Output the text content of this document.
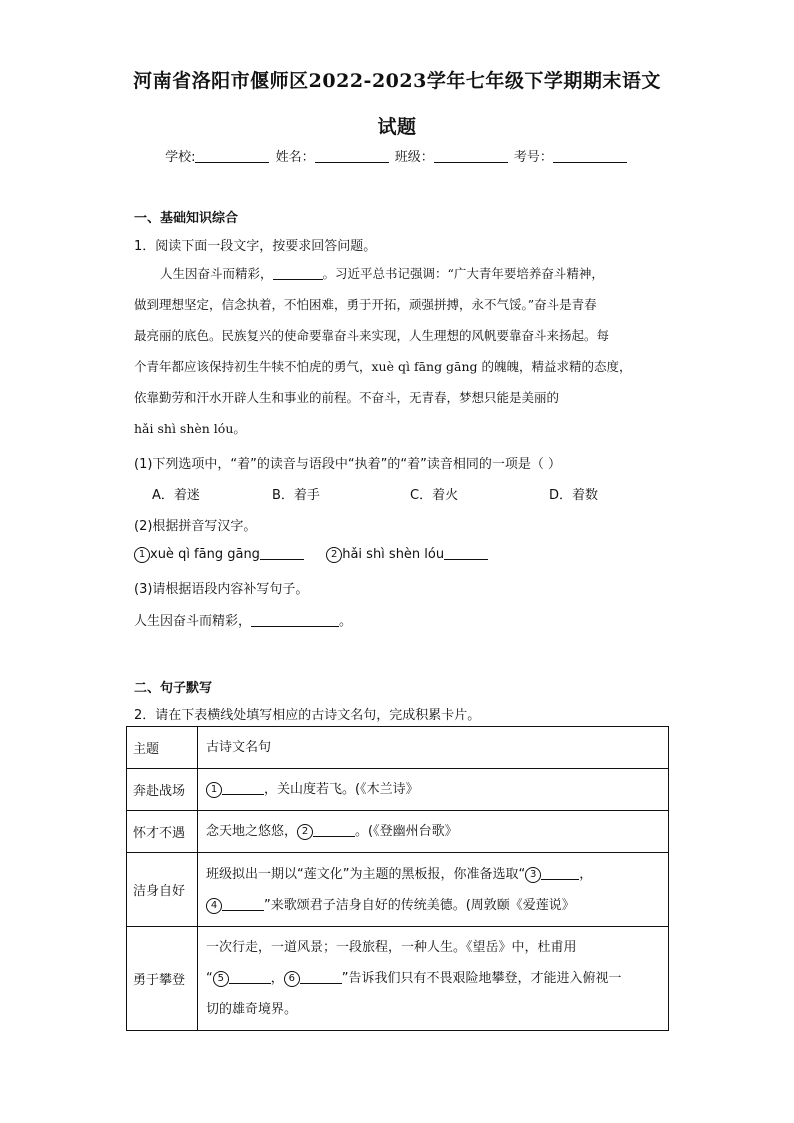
河南省洛阳市偃师区2022-2023学年七年级下学期期末语文
试题
学校:	姓名：	班级：	考号：
一、基础知识综合
1．阅读下面一段文字，按要求回答问题。
人生因奋斗而精彩，	。习近平总书记强调：“广大青年要培养奋斗精神，
做到理想坚定，信念执着，不怕困难，勇于开拓，顽强拼搏，永不气馁。”奋斗是青春
最亮丽的底色。民族复兴的使命要靠奋斗来实现，人生理想的风帆要靠奋斗来扬起。每
个青年都应该保持初生牛犊不怕虎的勇气，xuè qì fāng gāng 的魄魄，精益求精的态度，
依靠勤劳和汗水开辟人生和事业的前程。不奋斗，无青春，梦想只能是美丽的
hǎi shì shèn lóu。
(1)下列选项中，“着”的读音与语段中“执着”的“着”读音相同的一项是（ ）
A．着迷	B．着手	C．着火	D．着数
(2)根据拼音写汉字。
1 xuè qì fāng gāng	2 hǎi shì shèn lóu
(3)请根据语段内容补写句子。
人生因奋斗而精彩，	。
二、句子默写
2．请在下表横线处填写相应的古诗文名句，完成积累卡片。
主题	古诗文名句
奔赴战场	1 ，关山度若飞。(《木兰诗》
怀才不遇	念天地之悠悠， 2 。(《登幽州台歌》
洁身自好	班级拟出一期以“莲文化”为主题的黑板报，你准备选取“ 3 ，
4 ”来歌颂君子洁身自好的传统美德。(周敦颐《爱莲说》
勇于攀登	一次行走，一道风景；一段旅程，一种人生。《望岳》中，杜甫用
“ 5 ， 6 ”告诉我们只有不畏艰险地攀登，才能进入俯视一
切的雄奇境界。
